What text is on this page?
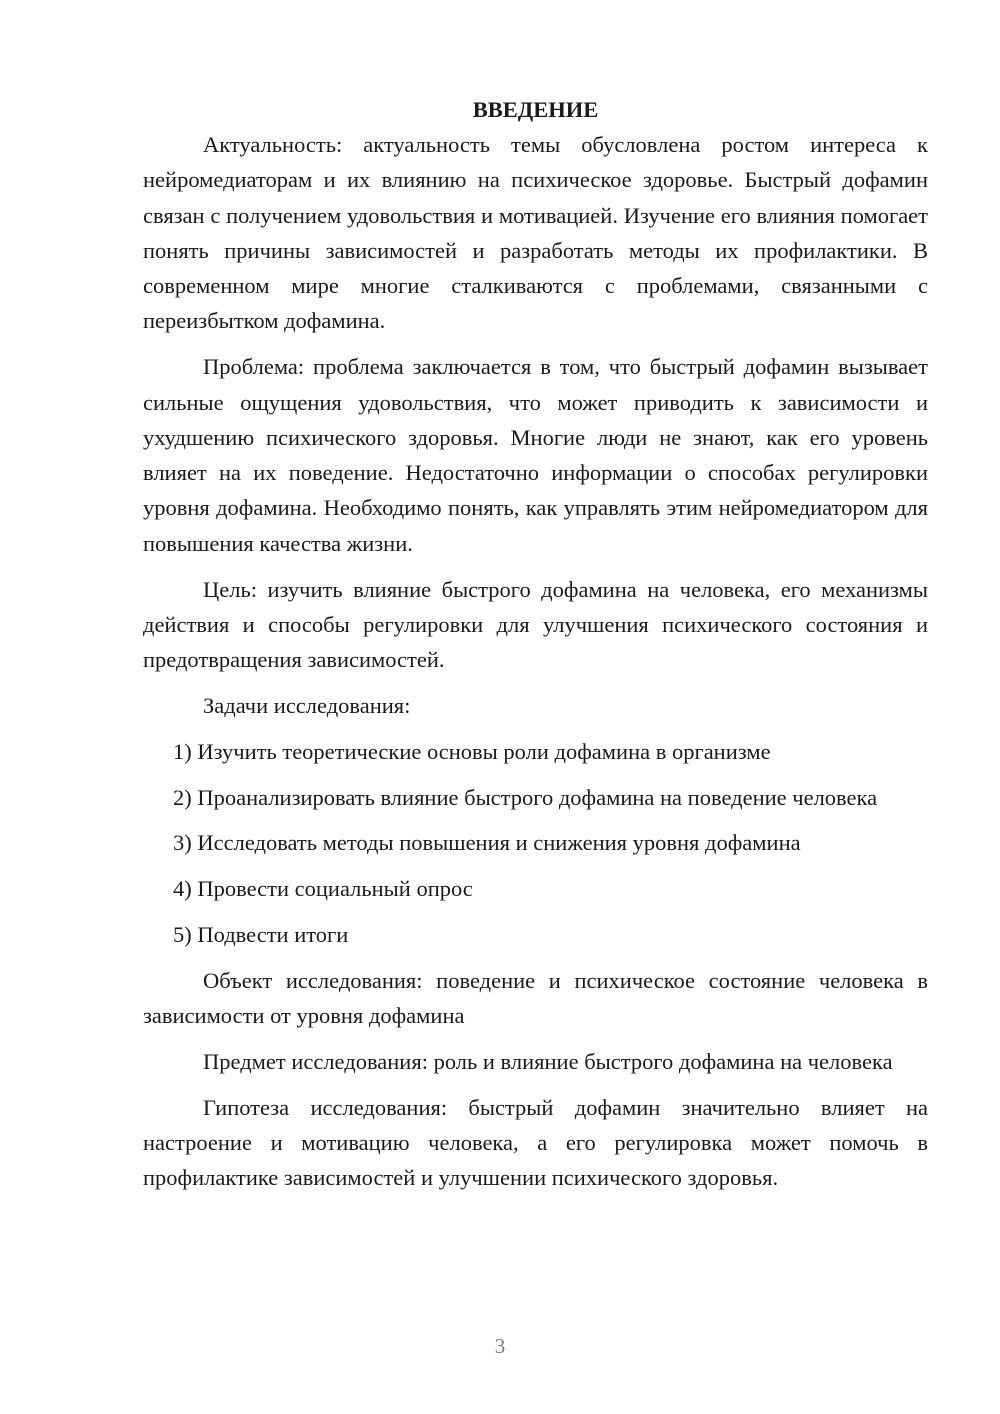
ВВЕДЕНИЕ

Актуальность: актуальность темы обусловлена ростом интереса к нейромедиаторам и их влиянию на психическое здоровье. Быстрый дофамин связан с получением удовольствия и мотивацией. Изучение его влияния помогает понять причины зависимостей и разработать методы их профилактики. В современном мире многие сталкиваются с проблемами, связанными с переизбытком дофамина.

Проблема: проблема заключается в том, что быстрый дофамин вызывает сильные ощущения удовольствия, что может приводить к зависимости и ухудшению психического здоровья. Многие люди не знают, как его уровень влияет на их поведение. Недостаточно информации о способах регулировки уровня дофамина. Необходимо понять, как управлять этим нейромедиатором для повышения качества жизни.

Цель: изучить влияние быстрого дофамина на человека, его механизмы действия и способы регулировки для улучшения психического состояния и предотвращения зависимостей.

Задачи исследования:

1) Изучить теоретические основы роли дофамина в организме

2) Проанализировать влияние быстрого дофамина на поведение человека

3) Исследовать методы повышения и снижения уровня дофамина

4) Провести социальный опрос

5) Подвести итоги

Объект исследования: поведение и психическое состояние человека в зависимости от уровня дофамина

Предмет исследования: роль и влияние быстрого дофамина на человека

Гипотеза исследования: быстрый дофамин значительно влияет на настроение и мотивацию человека, а его регулировка может помочь в профилактике зависимостей и улучшении психического здоровья.

3
